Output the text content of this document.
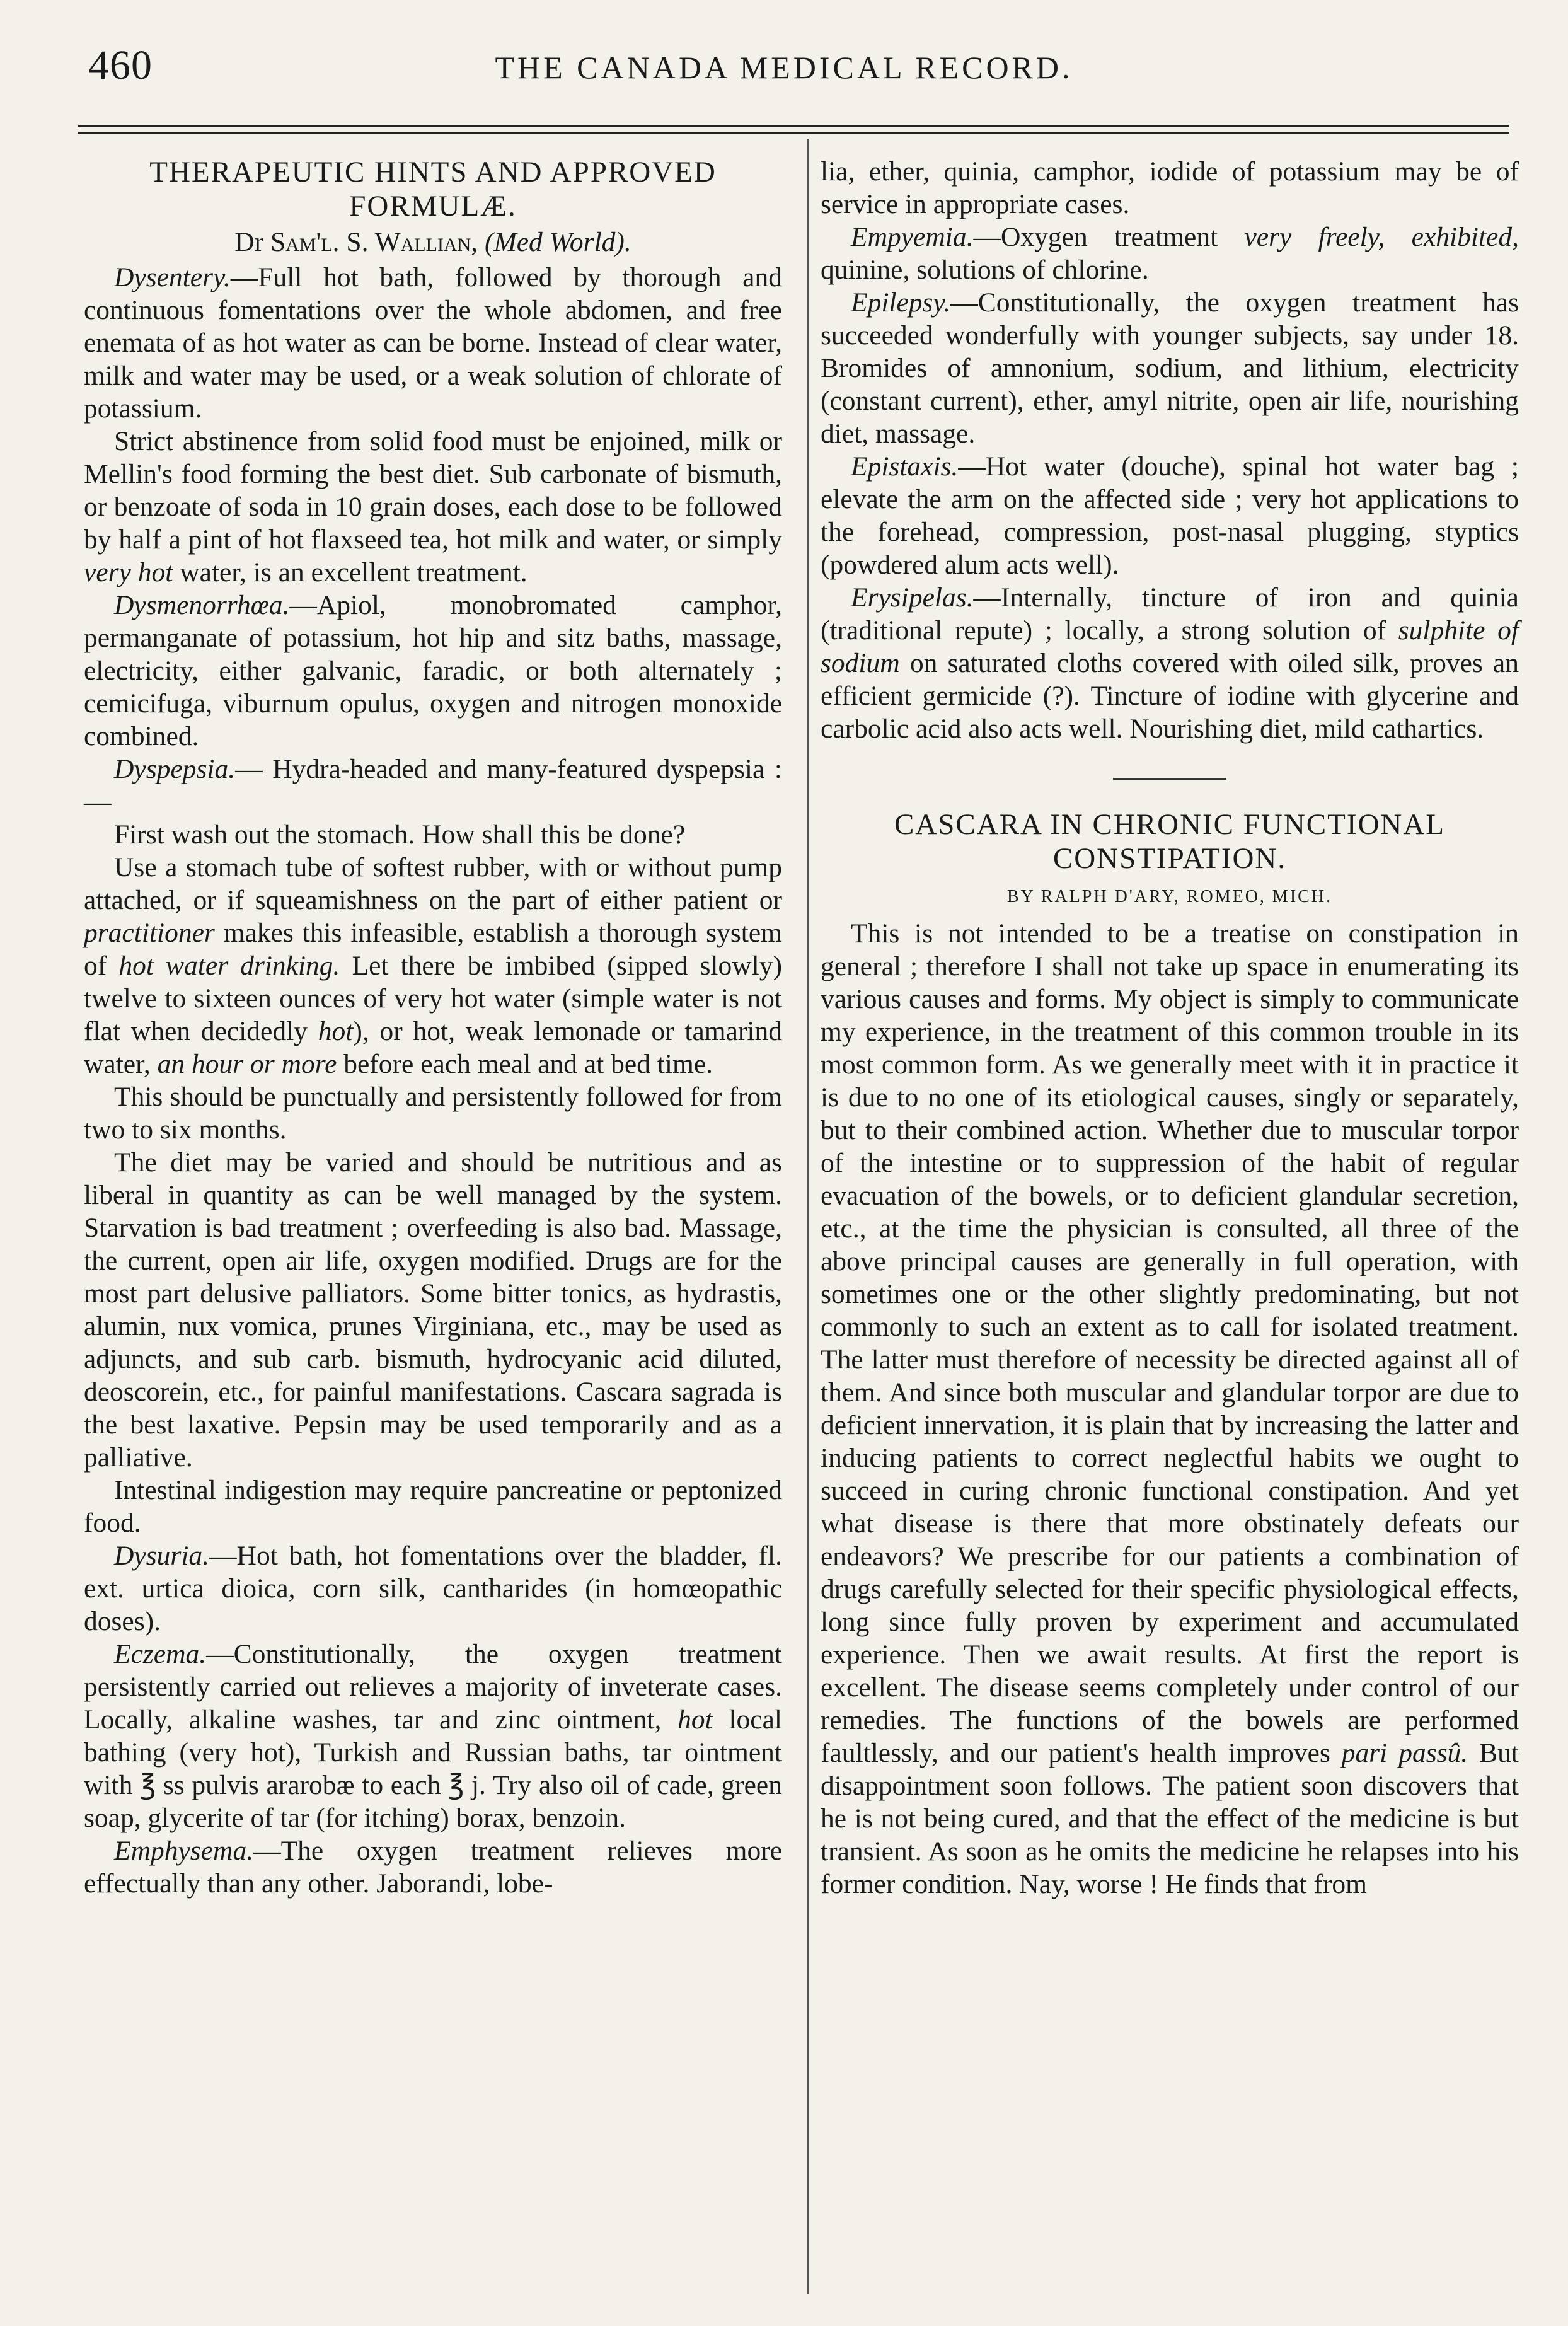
460	THE CANADA MEDICAL RECORD.
THERAPEUTIC HINTS AND APPROVED FORMULÆ.
Dr Sam'l. S. Wallian, (Med World).

Dysentery.—Full hot bath, followed by thorough and continuous fomentations over the whole abdomen, and free enemata of as hot water as can be borne. Instead of clear water, milk and water may be used, or a weak solution of chlorate of potassium.

Strict abstinence from solid food must be enjoined, milk or Mellin's food forming the best diet. Sub carbonate of bismuth, or benzoate of soda in 10 grain doses, each dose to be followed by half a pint of hot flaxseed tea, hot milk and water, or simply very hot water, is an excellent treatment.

Dysmenorrhœa.—Apiol, monobromated camphor, permanganate of potassium, hot hip and sitz baths, massage, electricity, either galvanic, faradic, or both alternately ; cemicifuga, viburnum opulus, oxygen and nitrogen monoxide combined.

Dyspepsia.— Hydra-headed and many-featured dyspepsia :—

First wash out the stomach. How shall this be done?

Use a stomach tube of softest rubber, with or without pump attached, or if squeamishness on the part of either patient or practitioner makes this infeasible, establish a thorough system of hot water drinking. Let there be imbibed (sipped slowly) twelve to sixteen ounces of very hot water (simple water is not flat when decidedly hot), or hot, weak lemonade or tamarind water, an hour or more before each meal and at bed time.

This should be punctually and persistently followed for from two to six months.

The diet may be varied and should be nutritious and as liberal in quantity as can be well managed by the system. Starvation is bad treatment ; overfeeding is also bad. Massage, the current, open air life, oxygen modified. Drugs are for the most part delusive palliators. Some bitter tonics, as hydrastis, alumin, nux vomica, prunes Virginiana, etc., may be used as adjuncts, and sub carb. bismuth, hydrocyanic acid diluted, deoscorein, etc., for painful manifestations. Cascara sagrada is the best laxative. Pepsin may be used temporarily and as a palliative.

Intestinal indigestion may require pancreatine or peptonized food.

Dysuria.—Hot bath, hot fomentations over the bladder, fl. ext. urtica dioica, corn silk, cantharides (in homœopathic doses).

Eczema.—Constitutionally, the oxygen treatment persistently carried out relieves a majority of inveterate cases. Locally, alkaline washes, tar and zinc ointment, hot local bathing (very hot), Turkish and Russian baths, tar ointment with ℥ ss pulvis ararobæ to each ℥ j. Try also oil of cade, green soap, glycerite of tar (for itching) borax, benzoin.

Emphysema.—The oxygen treatment relieves more effectually than any other. Jaborandi, lobe-

lia, ether, quinia, camphor, iodide of potassium may be of service in appropriate cases.

Empyemia.—Oxygen treatment very freely, exhibited, quinine, solutions of chlorine.

Epilepsy.—Constitutionally, the oxygen treatment has succeeded wonderfully with younger subjects, say under 18. Bromides of amnonium, sodium, and lithium, electricity (constant current), ether, amyl nitrite, open air life, nourishing diet, massage.

Epistaxis.—Hot water (douche), spinal hot water bag ; elevate the arm on the affected side ; very hot applications to the forehead, compression, post-nasal plugging, styptics (powdered alum acts well).

Erysipelas.—Internally, tincture of iron and quinia (traditional repute) ; locally, a strong solution of sulphite of sodium on saturated cloths covered with oiled silk, proves an efficient germicide (?). Tincture of iodine with glycerine and carbolic acid also acts well. Nourishing diet, mild cathartics.

CASCARA IN CHRONIC FUNCTIONAL CONSTIPATION.
BY RALPH D'ARY, ROMEO, MICH.

This is not intended to be a treatise on constipation in general ; therefore I shall not take up space in enumerating its various causes and forms. My object is simply to communicate my experience, in the treatment of this common trouble in its most common form. As we generally meet with it in practice it is due to no one of its etiological causes, singly or separately, but to their combined action. Whether due to muscular torpor of the intestine or to suppression of the habit of regular evacuation of the bowels, or to deficient glandular secretion, etc., at the time the physician is consulted, all three of the above principal causes are generally in full operation, with sometimes one or the other slightly predominating, but not commonly to such an extent as to call for isolated treatment. The latter must therefore of necessity be directed against all of them. And since both muscular and glandular torpor are due to deficient innervation, it is plain that by increasing the latter and inducing patients to correct neglectful habits we ought to succeed in curing chronic functional constipation. And yet what disease is there that more obstinately defeats our endeavors? We prescribe for our patients a combination of drugs carefully selected for their specific physiological effects, long since fully proven by experiment and accumulated experience. Then we await results. At first the report is excellent. The disease seems completely under control of our remedies. The functions of the bowels are performed faultlessly, and our patient's health improves pari passû. But disappointment soon follows. The patient soon discovers that he is not being cured, and that the effect of the medicine is but transient. As soon as he omits the medicine he relapses into his former condition. Nay, worse ! He finds that from
